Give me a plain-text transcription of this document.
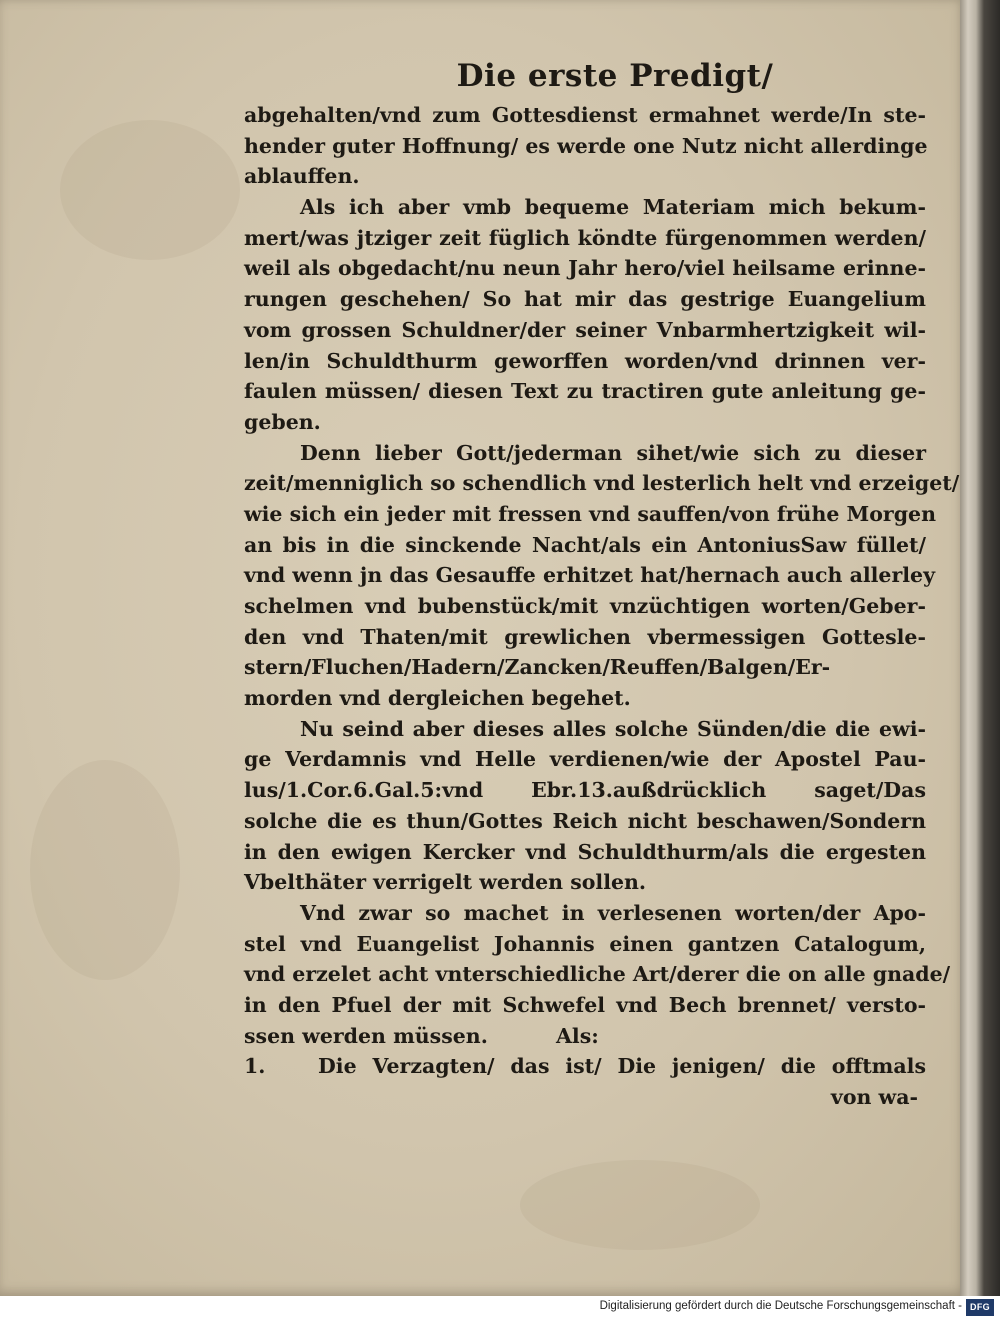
Die erste Predigt/
abgehalten/vnd zum Gottesdienst ermahnet werde/In ste-
hender guter Hoffnung/ es werde one Nutz nicht allerdinge
ablauffen.
Als ich aber vmb bequeme Materiam mich bekum-
mert/was jtziger zeit füglich köndte fürgenommen werden/
weil als obgedacht/nu neun Jahr hero/viel heilsame erinne-
rungen geschehen/ So hat mir das gestrige Euangelium
vom grossen Schuldner/der seiner Vnbarmhertzigkeit wil-
len/in Schuldthurm geworffen worden/vnd drinnen ver-
faulen müssen/ diesen Text zu tractiren gute anleitung ge-
geben.
Denn lieber Gott/jederman sihet/wie sich zu dieser
zeit/menniglich so schendlich vnd lesterlich helt vnd erzeiget/
wie sich ein jeder mit fressen vnd sauffen/von frühe Morgen
an bis in die sinckende Nacht/als ein AntoniusSaw füllet/
vnd wenn jn das Gesauffe erhitzet hat/hernach auch allerley
schelmen vnd bubenstück/mit vnzüchtigen worten/Geber-
den vnd Thaten/mit grewlichen vbermessigen Gottesle-
stern/Fluchen/Hadern/Zancken/Reuffen/Balgen/Er-
morden vnd dergleichen begehet.
Nu seind aber dieses alles solche Sünden/die die ewi-
ge Verdamnis vnd Helle verdienen/wie der Apostel Pau-
lus/1.Cor.6.Gal.5:vnd Ebr.13.außdrücklich saget/Das
solche die es thun/Gottes Reich nicht beschawen/Sondern
in den ewigen Kercker vnd Schuldthurm/als die ergesten
Vbelthäter verrigelt werden sollen.
Vnd zwar so machet in verlesenen worten/der Apo-
stel vnd Euangelist Johannis einen gantzen Catalogum,
vnd erzelet acht vnterschiedliche Art/derer die on alle gnade/
in den Pfuel der mit Schwefel vnd Bech brennet/ versto-
ssen werden müssen.	Als:
1.	Die Verzagten/ das ist/ Die jenigen/ die offtmals
von wa-
Digitalisierung gefördert durch die Deutsche Forschungsgemeinschaft - DFG
